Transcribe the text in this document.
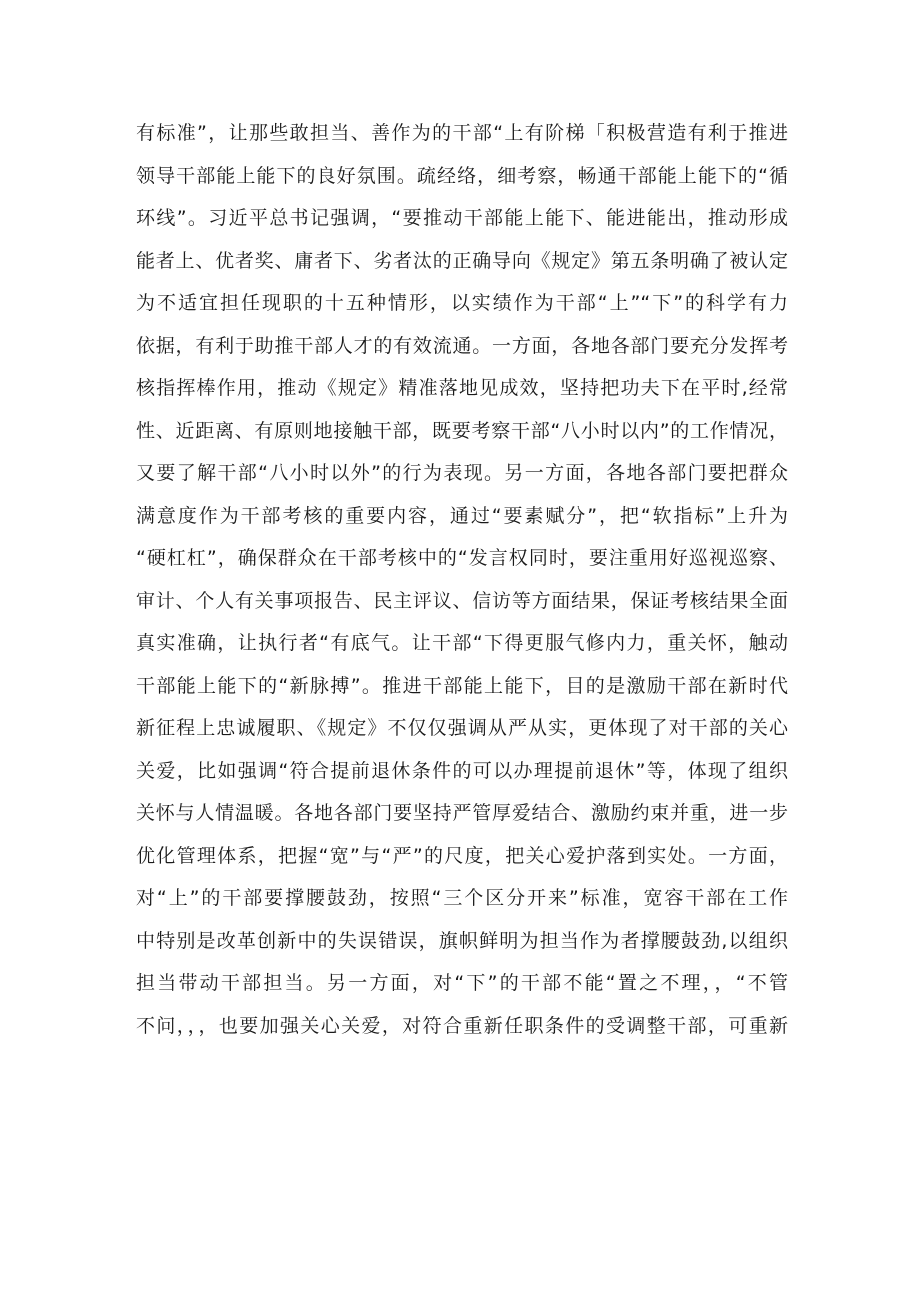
有标准”，让那些敢担当、善作为的干部“上有阶梯「积极营造有利于推进
领导干部能上能下的良好氛围。疏经络，细考察，畅通干部能上能下的“循
环线”。习近平总书记强调，“要推动干部能上能下、能进能出，推动形成
能者上、优者奖、庸者下、劣者汰的正确导向《规定》第五条明确了被认定
为不适宜担任现职的十五种情形，以实绩作为干部“上”“下”的科学有力
依据，有利于助推干部人才的有效流通。一方面，各地各部门要充分发挥考
核指挥棒作用，推动《规定》精准落地见成效，坚持把功夫下在平时,经常
性、近距离、有原则地接触干部，既要考察干部“八小时以内”的工作情况，
又要了解干部“八小时以外”的行为表现。另一方面，各地各部门要把群众
满意度作为干部考核的重要内容，通过“要素赋分”，把“软指标”上升为
“硬杠杠”，确保群众在干部考核中的“发言权同时，要注重用好巡视巡察、
审计、个人有关事项报告、民主评议、信访等方面结果，保证考核结果全面
真实准确，让执行者“有底气。让干部“下得更服气修内力，重关怀，触动
干部能上能下的“新脉搏”。推进干部能上能下，目的是激励干部在新时代
新征程上忠诚履职、《规定》不仅仅强调从严从实，更体现了对干部的关心
关爱，比如强调“符合提前退休条件的可以办理提前退休”等，体现了组织
关怀与人情温暖。各地各部门要坚持严管厚爱结合、激励约束并重，进一步
优化管理体系，把握“宽”与“严”的尺度，把关心爱护落到实处。一方面，
对“上”的干部要撑腰鼓劲，按照“三个区分开来”标准，宽容干部在工作
中特别是改革创新中的失误错误，旗帜鲜明为担当作为者撑腰鼓劲,以组织
担当带动干部担当。另一方面，对“下”的干部不能“置之不理，，“不管
不问，，，也要加强关心关爱，对符合重新任职条件的受调整干部，可重新
